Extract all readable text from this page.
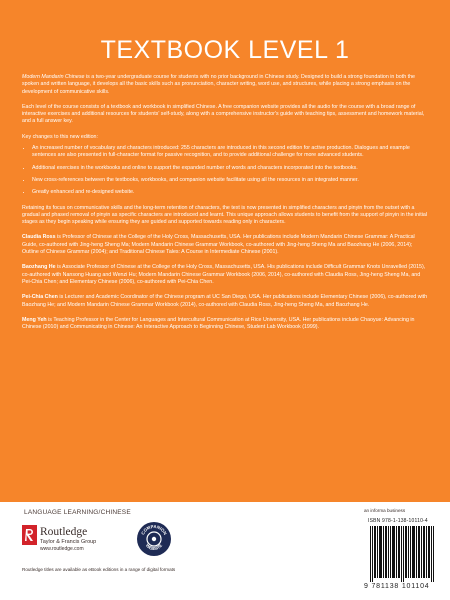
TEXTBOOK LEVEL 1

Modern Mandarin Chinese is a two-year undergraduate course for students with no prior background in Chinese study. Designed to build a strong foundation in both the spoken and written language, it develops all the basic skills such as pronunciation, character writing, word use, and structures, while placing a strong emphasis on the development of communicative skills.

Each level of the course consists of a textbook and workbook in simplified Chinese. A free companion website provides all the audio for the course with a broad range of interactive exercises and additional resources for students' self-study, along with a comprehensive instructor's guide with teaching tips, assessment and homework material, and a full answer key.

Key changes to this new edition:

• An increased number of vocabulary and characters introduced: 255 characters are introduced in this second edition for active production. Dialogues and example sentences are also presented in full-character format for passive recognition, and to provide additional challenge for more advanced students.
• Additional exercises in the workbooks and online to support the expanded number of words and characters incorporated into the textbooks.
• New cross-references between the textbooks, workbooks, and companion website facilitate using all the resources in an integrated manner.
• Greatly enhanced and re-designed website.

Retaining its focus on communicative skills and the long-term retention of characters, the text is now presented in simplified characters and pinyin from the outset with a gradual and phased removal of pinyin as specific characters are introduced and learnt. This unique approach allows students to benefit from the support of pinyin in the initial stages as they begin speaking while ensuring they are guided and supported towards reading only in characters.

Claudia Ross is Professor of Chinese at the College of the Holy Cross, Massachusetts, USA. Her publications include Modern Mandarin Chinese Grammar: A Practical Guide, co-authored with Jing-heng Sheng Ma; Modern Mandarin Chinese Grammar Workbook, co-authored with Jing-heng Sheng Ma and Baozhang He (2006, 2014); Outline of Chinese Grammar (2004); and Traditional Chinese Tales: A Course in Intermediate Chinese (2001).

Baozhang He is Associate Professor of Chinese at the College of the Holy Cross, Massachusetts, USA. His publications include Difficult Grammar Knots Unravelled (2015), co-authored with Nansong Huang and Wenzi Hu; Modern Mandarin Chinese Grammar Workbook (2006, 2014), co-authored with Claudia Ross, Jing-heng Sheng Ma, and Pei-Chia Chen; and Elementary Chinese (2006), co-authored with Pei-Chia Chen.

Pei-Chia Chen is Lecturer and Academic Coordinator of the Chinese program at UC San Diego, USA. Her publications include Elementary Chinese (2006), co-authored with Baozhang He; and Modern Mandarin Chinese Grammar Workbook (2014), co-authored with Claudia Ross, Jing-heng Sheng Ma, and Baozhang He.

Meng Yeh is Teaching Professor in the Center for Languages and Intercultural Communication at Rice University, USA. Her publications include Chaoyue: Advancing in Chinese (2010) and Communicating in Chinese: An Interactive Approach to Beginning Chinese, Student Lab Workbook (1999).

LANGUAGE LEARNING/CHINESE
Routledge
Taylor & Francis Group
www.routledge.com
COMPANION
WEBSITE
Routledge titles are available as eBook editions in a range of digital formats
an informa business
ISBN 978-1-138-10110-4
9 781138 101104
